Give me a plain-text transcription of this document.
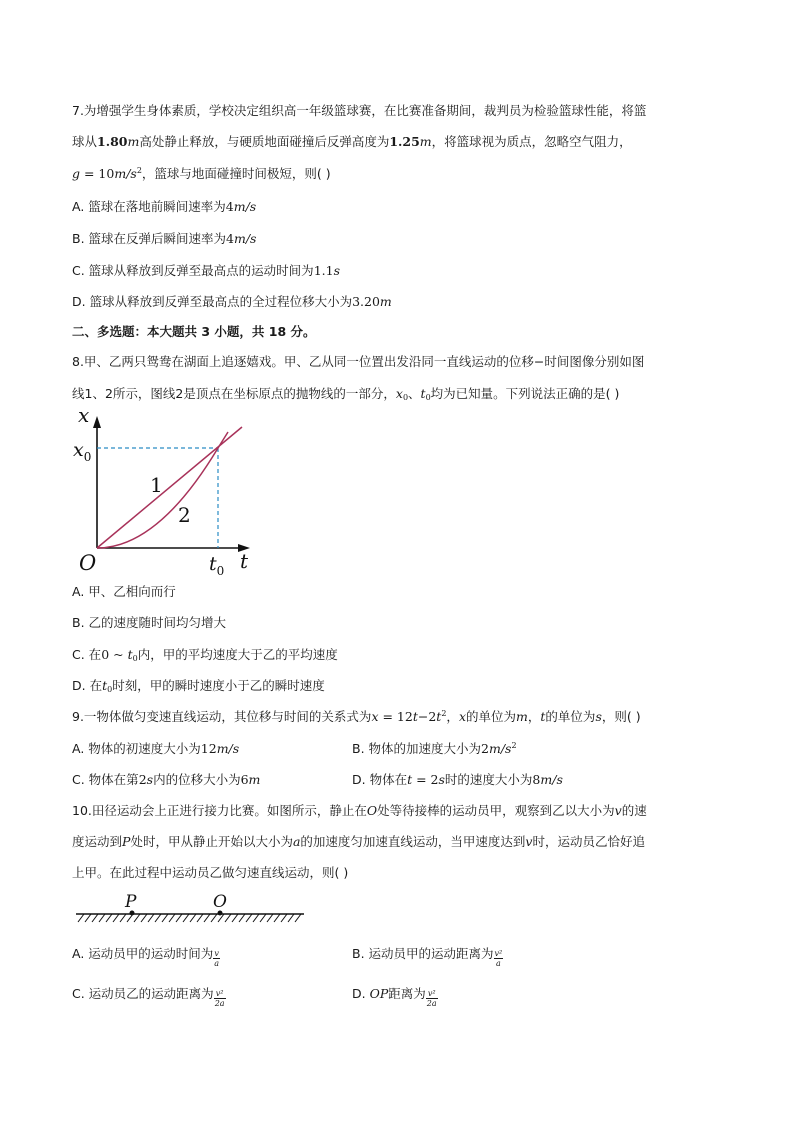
7.为增强学生身体素质，学校决定组织高一年级篮球赛，在比赛准备期间，裁判员为检验篮球性能，将篮
球从1.80m高处静止释放，与硬质地面碰撞后反弹高度为1.25m，将篮球视为质点，忽略空气阻力，
$g = 10m/s^2$，篮球与地面碰撞时间极短，则( )
A. 篮球在落地前瞬间速率为4m/s
B. 篮球在反弹后瞬间速率为4m/s
C. 篮球从释放到反弹至最高点的运动时间为1.1s
D. 篮球从释放到反弹至最高点的全过程位移大小为3.20m
二、多选题：本大题共 3 小题，共 18 分。
8.甲、乙两只鸳鸯在湖面上追逐嬉戏。甲、乙从同一位置出发沿同一直线运动的位移−时间图像分别如图
线1、2所示，图线2是顶点在坐标原点的抛物线的一部分，$x_0$、$t_0$均为已知量。下列说法正确的是( )
x
$x_0$
1
2
O	$t_0$ t
A. 甲、乙相向而行
B. 乙的速度随时间均匀增大
C. 在0 ~ $t_0$内，甲的平均速度大于乙的平均速度
D. 在$t_0$时刻，甲的瞬时速度小于乙的瞬时速度
9.一物体做匀变速直线运动，其位移与时间的关系式为$x = 12t-2t^2$，x的单位为m，t的单位为s，则( )
A. 物体的初速度大小为12m/s	B. 物体的加速度大小为$2m/s^2$
C. 物体在第2s内的位移大小为6m	D. 物体在t = 2s时的速度大小为8m/s
10.田径运动会上正进行接力比赛。如图所示，静止在O处等待接棒的运动员甲，观察到乙以大小为v的速
度运动到P处时，甲从静止开始以大小为a的加速度匀加速直线运动，当甲速度达到v时，运动员乙恰好追
上甲。在此过程中运动员乙做匀速直线运动，则( )
P	O
A. 运动员甲的运动时间为 $\frac{v}{a}$	B. 运动员甲的运动距离为 $\frac{\text{v²}}{a}$
C. 运动员乙的运动距离为 $\frac{\text{v²}}{2a}$	D. OP距离为 $\frac{\text{v²}}{2a}$
